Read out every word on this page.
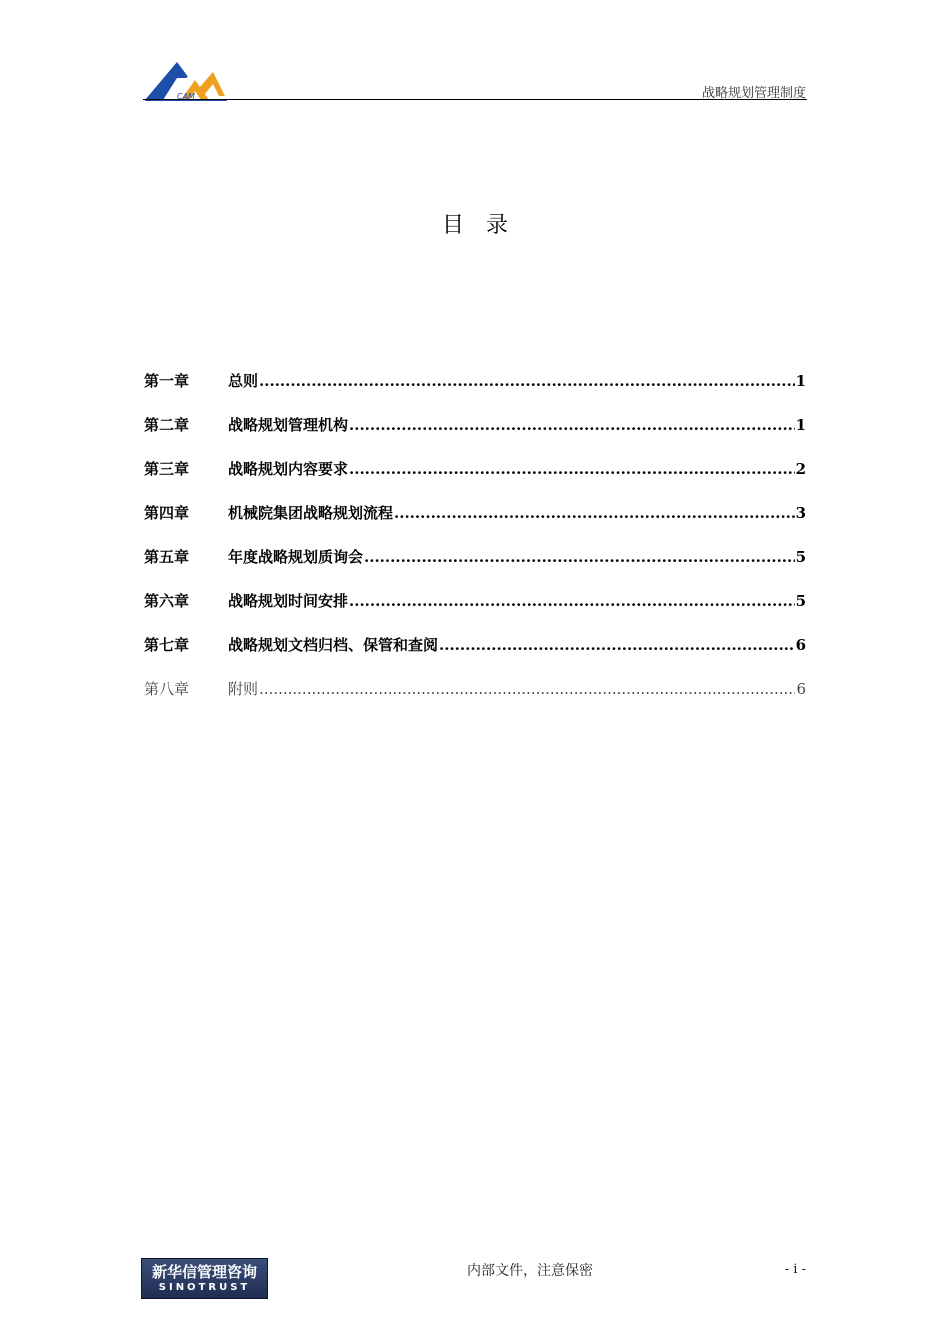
CAM	战略规划管理制度
目录
第一章	总则 .....	1
第二章	战略规划管理机构 .....	1
第三章	战略规划内容要求 .....	2
第四章	机械院集团战略规划流程 .....	3
第五章	年度战略规划质询会 .....	5
第六章	战略规划时间安排 .....	5
第七章	战略规划文档归档、保管和查阅 .....	6
第八章	附则 .....	6
新华信管理咨询
SINOTRUST
内部文件，注意保密	- i -
